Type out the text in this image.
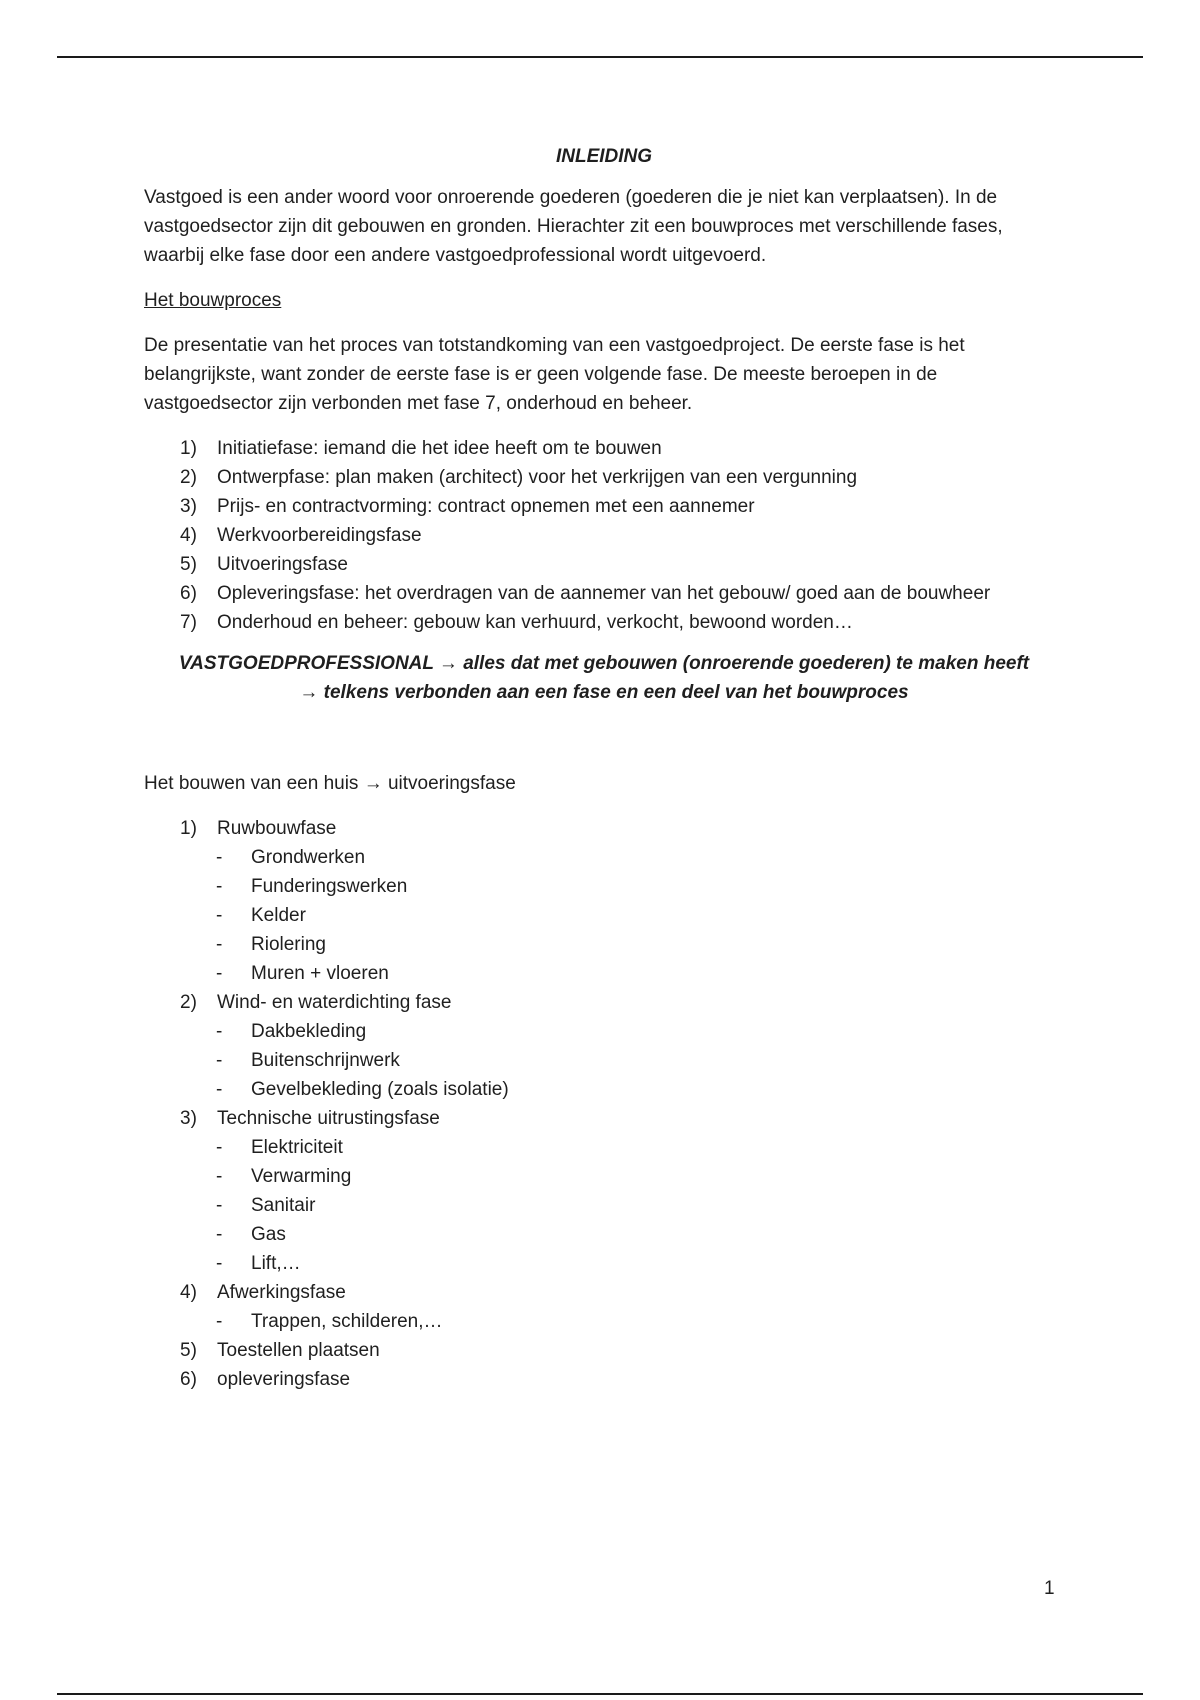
INLEIDING

Vastgoed is een ander woord voor onroerende goederen (goederen die je niet kan verplaatsen). In de vastgoedsector zijn dit gebouwen en gronden. Hierachter zit een bouwproces met verschillende fases, waarbij elke fase door een andere vastgoedprofessional wordt uitgevoerd.

Het bouwproces

De presentatie van het proces van totstandkoming van een vastgoedproject. De eerste fase is het belangrijkste, want zonder de eerste fase is er geen volgende fase. De meeste beroepen in de vastgoedsector zijn verbonden met fase 7, onderhoud en beheer.

1) Initiatiefase: iemand die het idee heeft om te bouwen
2) Ontwerpfase: plan maken (architect) voor het verkrijgen van een vergunning
3) Prijs- en contractvorming: contract opnemen met een aannemer
4) Werkvoorbereidingsfase
5) Uitvoeringsfase
6) Opleveringsfase: het overdragen van de aannemer van het gebouw/ goed aan de bouwheer
7) Onderhoud en beheer: gebouw kan verhuurd, verkocht, bewoond worden…
VASTGOEDPROFESSIONAL → alles dat met gebouwen (onroerende goederen) te maken heeft
→ telkens verbonden aan een fase en een deel van het bouwproces

Het bouwen van een huis → uitvoeringsfase

1) Ruwbouwfase
- Grondwerken
- Funderingswerken
- Kelder
- Riolering
- Muren + vloeren
2) Wind- en waterdichting fase
- Dakbekleding
- Buitenschrijnwerk
- Gevelbekleding (zoals isolatie)
3) Technische uitrustingsfase
- Elektriciteit
- Verwarming
- Sanitair
- Gas
- Lift,…
4) Afwerkingsfase
- Trappen, schilderen,…
5) Toestellen plaatsen
6) opleveringsfase
1
